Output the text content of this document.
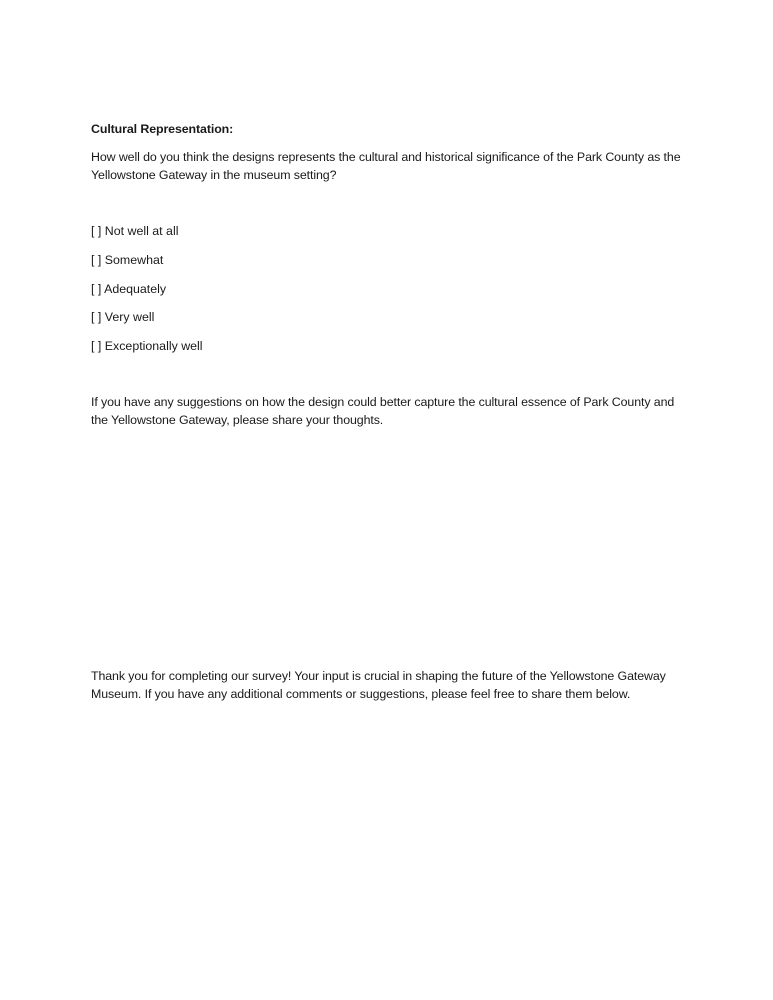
Cultural Representation:
How well do you think the designs represents the cultural and historical significance of the Park County as the Yellowstone Gateway in the museum setting?
[ ] Not well at all
[ ] Somewhat
[ ] Adequately
[ ] Very well
[ ] Exceptionally well
If you have any suggestions on how the design could better capture the cultural essence of Park County and the Yellowstone Gateway, please share your thoughts.
Thank you for completing our survey! Your input is crucial in shaping the future of the Yellowstone Gateway Museum. If you have any additional comments or suggestions, please feel free to share them below.
